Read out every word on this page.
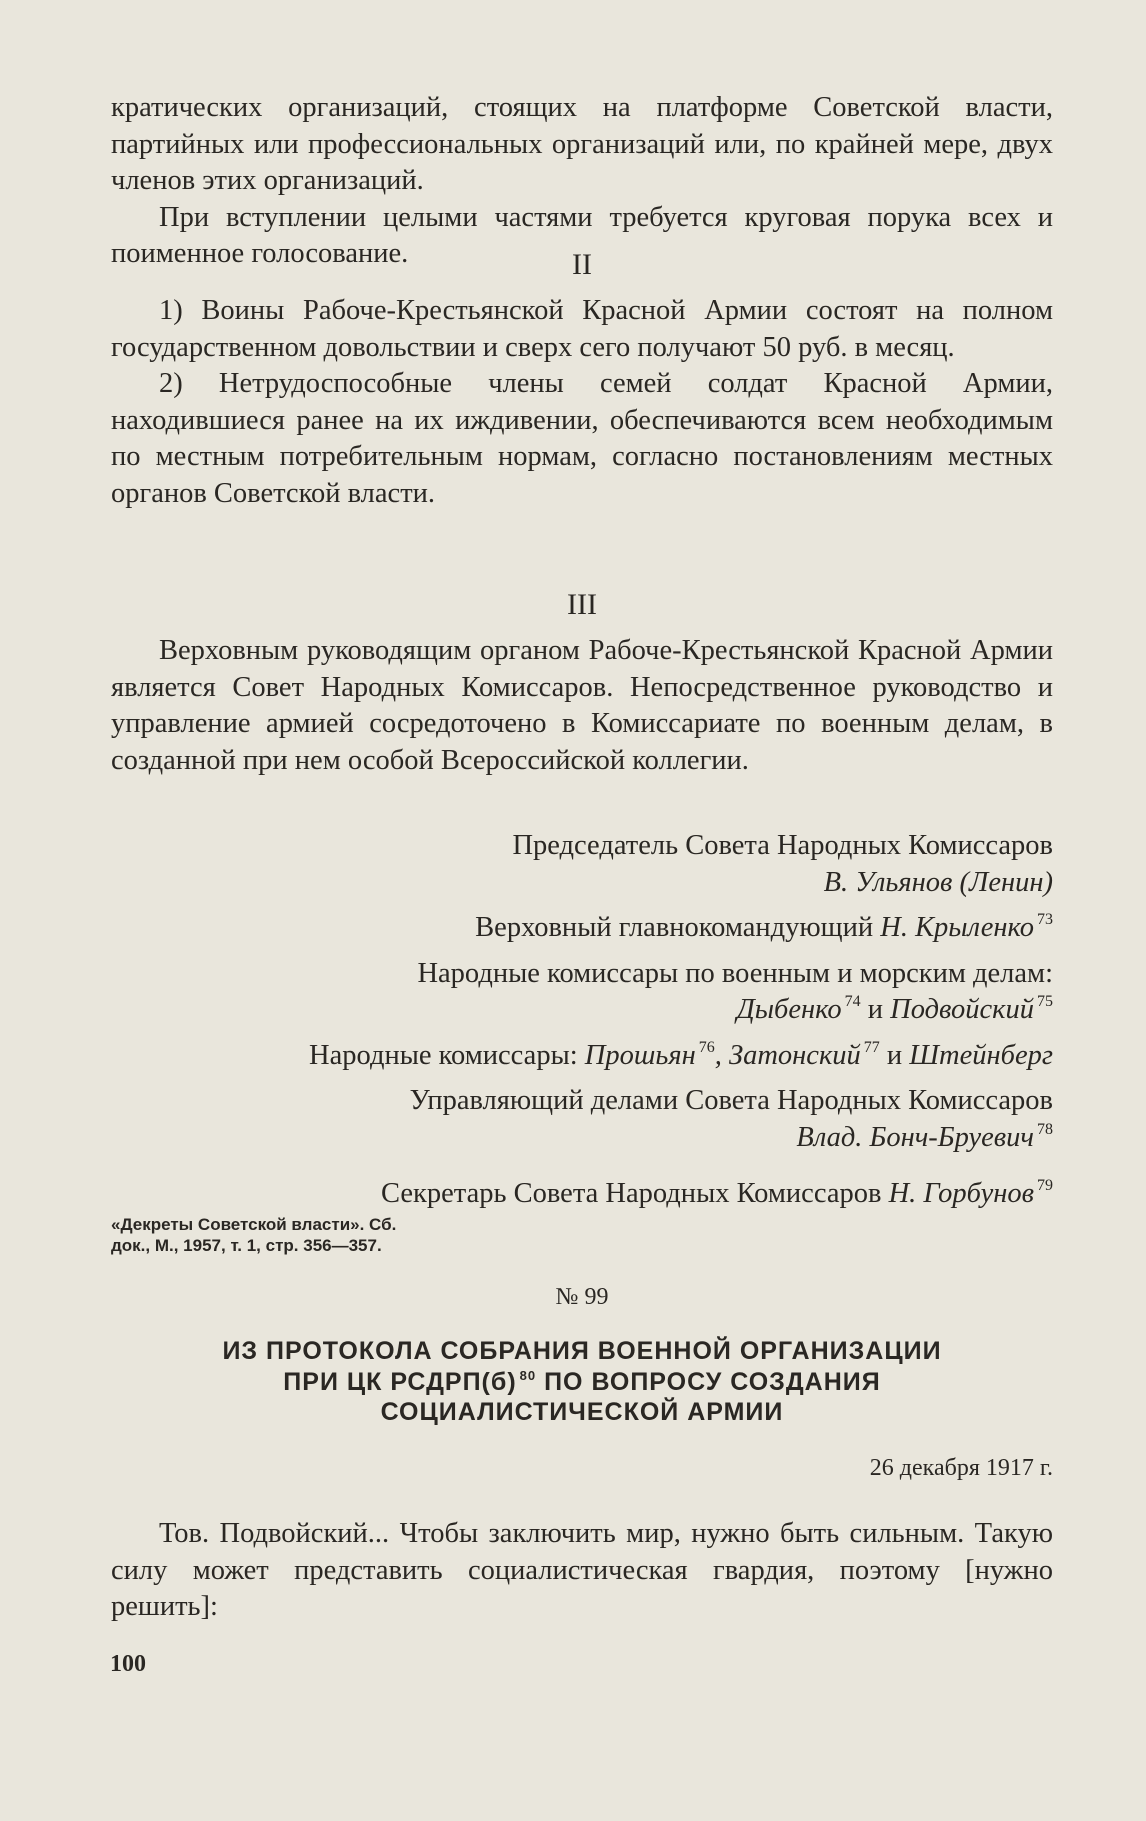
кратических организаций, стоящих на платформе Советской власти, партийных или профессиональных организаций или, по крайней мере, двух членов этих организаций.

При вступлении целыми частями требуется круговая порука всех и поименное голосование.	II

1) Воины Рабоче-Крестьянской Красной Армии состоят на полном государственном довольствии и сверх сего получают 50 руб. в месяц.

2) Нетрудоспособные члены семей солдат Красной Армии, находившиеся ранее на их иждивении, обеспечиваются всем необходимым по местным потребительным нормам, согласно постановлениям местных органов Советской власти.

III

Верховным руководящим органом Рабоче-Крестьянской Красной Армии является Совет Народных Комиссаров. Непосредственное руководство и управление армией сосредоточено в Комиссариате по военным делам, в созданной при нем особой Всероссийской коллегии.

Председатель Совета Народных Комиссаров

В. Ульянов (Ленин)

Верховный главнокомандующий Н. Крыленко $^{73}$

Народные комиссары по военным и морским делам:

Дыбенко $^{74}$ и Подвойский $^{75}$

Народные комиссары: Прошьян $^{76}$, Затонский $^{77}$ и Штейнберг

Управляющий делами Совета Народных Комиссаров

Влад. Бонч-Бруевич $^{78}$

Секретарь Совета Народных Комиссаров Н. Горбунов $^{79}$

«Декреты Советской власти». Сб.

док., М., 1957, т. 1, стр. 356—357.

№ 99

ИЗ ПРОТОКОЛА СОБРАНИЯ ВОЕННОЙ ОРГАНИЗАЦИИ

ПРИ ЦК РСДРП(б) $^{80}$ ПО ВОПРОСУ СОЗДАНИЯ

СОЦИАЛИСТИЧЕСКОЙ АРМИИ

26 декабря 1917 г.

Тов. Подвойский... Чтобы заключить мир, нужно быть сильным. Такую силу может представить социалистическая гвардия, поэтому [нужно решить]:

100
